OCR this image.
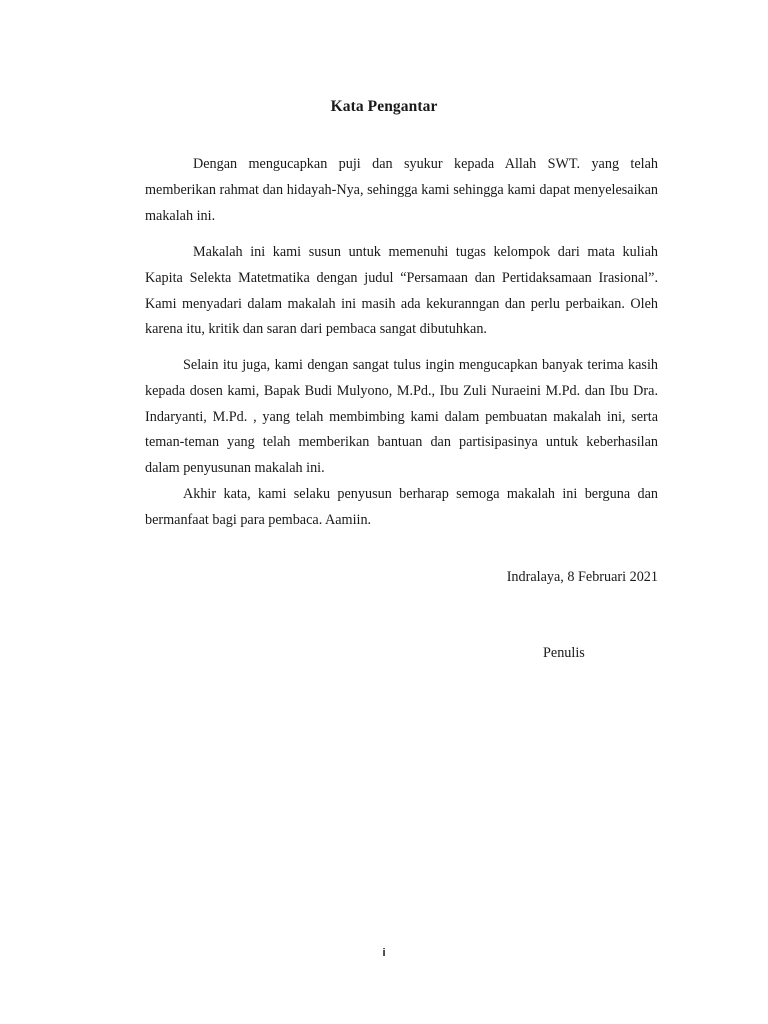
Kata Pengantar

Dengan mengucapkan puji dan syukur kepada Allah SWT. yang telah memberikan rahmat dan hidayah-Nya, sehingga kami sehingga kami dapat menyelesaikan makalah ini.

Makalah ini kami susun untuk memenuhi tugas kelompok dari mata kuliah Kapita Selekta Matetmatika dengan judul “Persamaan dan Pertidaksamaan Irasional”. Kami menyadari dalam makalah ini masih ada kekuranngan dan perlu perbaikan. Oleh karena itu, kritik dan saran dari pembaca sangat dibutuhkan.

Selain itu juga, kami dengan sangat tulus ingin mengucapkan banyak terima kasih kepada dosen kami, Bapak Budi Mulyono, M.Pd., Ibu Zuli Nuraeini M.Pd. dan Ibu Dra. Indaryanti, M.Pd. , yang telah membimbing kami dalam pembuatan makalah ini, serta teman-teman yang telah memberikan bantuan dan partisipasinya untuk keberhasilan dalam penyusunan makalah ini.

Akhir kata, kami selaku penyusun berharap semoga makalah ini berguna dan bermanfaat bagi para pembaca. Aamiin.

Indralaya, 8 Februari 2021
Penulis
i
